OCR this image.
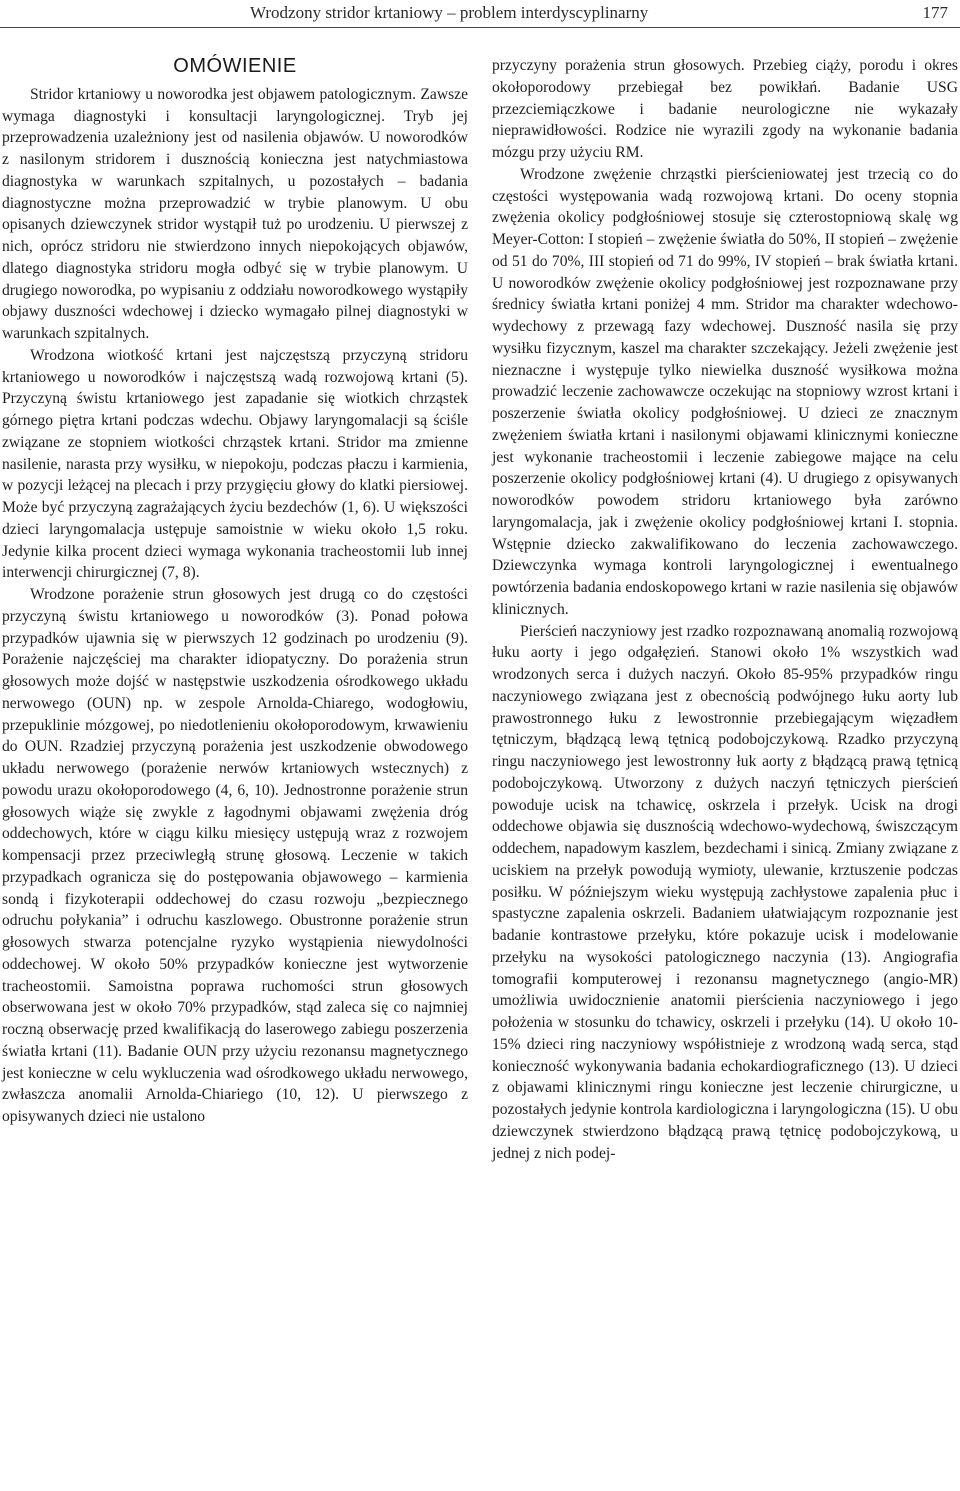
Wrodzony stridor krtaniowy – problem interdyscyplinarny	177
OMÓWIENIE

Stridor krtaniowy u noworodka jest objawem patologicznym. Zawsze wymaga diagnostyki i konsultacji laryngologicznej. Tryb jej przeprowadzenia uzależniony jest od nasilenia objawów. U noworodków z nasilonym stridorem i dusznością konieczna jest natychmiastowa diagnostyka w warunkach szpitalnych, u pozostałych – badania diagnostyczne można przeprowadzić w trybie planowym. U obu opisanych dziewczynek stridor wystąpił tuż po urodzeniu. U pierwszej z nich, oprócz stridoru nie stwierdzono innych niepokojących objawów, dlatego diagnostyka stridoru mogła odbyć się w trybie planowym. U drugiego noworodka, po wypisaniu z oddziału noworodkowego wystąpiły objawy duszności wdechowej i dziecko wymagało pilnej diagnostyki w warunkach szpitalnych.

Wrodzona wiotkość krtani jest najczęstszą przyczyną stridoru krtaniowego u noworodków i najczęstszą wadą rozwojową krtani (5). Przyczyną świstu krtaniowego jest zapadanie się wiotkich chrząstek górnego piętra krtani podczas wdechu. Objawy laryngomalacji są ściśle związane ze stopniem wiotkości chrząstek krtani. Stridor ma zmienne nasilenie, narasta przy wysiłku, w niepokoju, podczas płaczu i karmienia, w pozycji leżącej na plecach i przy przygięciu głowy do klatki piersiowej. Może być przyczyną zagrażających życiu bezdechów (1, 6). U większości dzieci laryngomalacja ustępuje samoistnie w wieku około 1,5 roku. Jedynie kilka procent dzieci wymaga wykonania tracheostomii lub innej interwencji chirurgicznej (7, 8).

Wrodzone porażenie strun głosowych jest drugą co do częstości przyczyną świstu krtaniowego u noworodków (3). Ponad połowa przypadków ujawnia się w pierwszych 12 godzinach po urodzeniu (9). Porażenie najczęściej ma charakter idiopatyczny. Do porażenia strun głosowych może dojść w następstwie uszkodzenia ośrodkowego układu nerwowego (OUN) np. w zespole Arnolda-Chiarego, wodogłowiu, przepuklinie mózgowej, po niedotlenieniu okołoporodowym, krwawieniu do OUN. Rzadziej przyczyną porażenia jest uszkodzenie obwodowego układu nerwowego (porażenie nerwów krtaniowych wstecznych) z powodu urazu okołoporodowego (4, 6, 10). Jednostronne porażenie strun głosowych wiąże się zwykle z łagodnymi objawami zwężenia dróg oddechowych, które w ciągu kilku miesięcy ustępują wraz z rozwojem kompensacji przez przeciwległą strunę głosową. Leczenie w takich przypadkach ogranicza się do postępowania objawowego – karmienia sondą i fizykoterapii oddechowej do czasu rozwoju „bezpiecznego odruchu połykania” i odruchu kaszlowego. Obustronne porażenie strun głosowych stwarza potencjalne ryzyko wystąpienia niewydolności oddechowej. W około 50% przypadków konieczne jest wytworzenie tracheostomii. Samoistna poprawa ruchomości strun głosowych obserwowana jest w około 70% przypadków, stąd zaleca się co najmniej roczną obserwację przed kwalifikacją do laserowego zabiegu poszerzenia światła krtani (11). Badanie OUN przy użyciu rezonansu magnetycznego jest konieczne w celu wykluczenia wad ośrodkowego układu nerwowego, zwłaszcza anomalii Arnolda-Chiariego (10, 12). U pierwszego z opisywanych dzieci nie ustalono

przyczyny porażenia strun głosowych. Przebieg ciąży, porodu i okres okołoporodowy przebiegał bez powikłań. Badanie USG przezciemiączkowe i badanie neurologiczne nie wykazały nieprawidłowości. Rodzice nie wyrazili zgody na wykonanie badania mózgu przy użyciu RM.

Wrodzone zwężenie chrząstki pierścieniowatej jest trzecią co do częstości występowania wadą rozwojową krtani. Do oceny stopnia zwężenia okolicy podgłośniowej stosuje się czterostopniową skalę wg Meyer-Cotton: I stopień – zwężenie światła do 50%, II stopień – zwężenie od 51 do 70%, III stopień od 71 do 99%, IV stopień – brak światła krtani. U noworodków zwężenie okolicy podgłośniowej jest rozpoznawane przy średnicy światła krtani poniżej 4 mm. Stridor ma charakter wdechowo-wydechowy z przewagą fazy wdechowej. Duszność nasila się przy wysiłku fizycznym, kaszel ma charakter szczekający. Jeżeli zwężenie jest nieznaczne i występuje tylko niewielka duszność wysiłkowa można prowadzić leczenie zachowawcze oczekując na stopniowy wzrost krtani i poszerzenie światła okolicy podgłośniowej. U dzieci ze znacznym zwężeniem światła krtani i nasilonymi objawami klinicznymi konieczne jest wykonanie tracheostomii i leczenie zabiegowe mające na celu poszerzenie okolicy podgłośniowej krtani (4). U drugiego z opisywanych noworodków powodem stridoru krtaniowego była zarówno laryngomalacja, jak i zwężenie okolicy podgłośniowej krtani I. stopnia. Wstępnie dziecko zakwalifikowano do leczenia zachowawczego. Dziewczynka wymaga kontroli laryngologicznej i ewentualnego powtórzenia badania endoskopowego krtani w razie nasilenia się objawów klinicznych.

Pierścień naczyniowy jest rzadko rozpoznawaną anomalią rozwojową łuku aorty i jego odgałęzień. Stanowi około 1% wszystkich wad wrodzonych serca i dużych naczyń. Około 85-95% przypadków ringu naczyniowego związana jest z obecnością podwójnego łuku aorty lub prawostronnego łuku z lewostronnie przebiegającym więzadłem tętniczym, błądzącą lewą tętnicą podobojczykową. Rzadko przyczyną ringu naczyniowego jest lewostronny łuk aorty z błądzącą prawą tętnicą podobojczykową. Utworzony z dużych naczyń tętniczych pierścień powoduje ucisk na tchawicę, oskrzela i przełyk. Ucisk na drogi oddechowe objawia się dusznością wdechowo-wydechową, świszczącym oddechem, napadowym kaszlem, bezdechami i sinicą. Zmiany związane z uciskiem na przełyk powodują wymioty, ulewanie, krztuszenie podczas posiłku. W późniejszym wieku występują zachłystowe zapalenia płuc i spastyczne zapalenia oskrzeli. Badaniem ułatwiającym rozpoznanie jest badanie kontrastowe przełyku, które pokazuje ucisk i modelowanie przełyku na wysokości patologicznego naczynia (13). Angiografia tomografii komputerowej i rezonansu magnetycznego (angio-MR) umożliwia uwidocznienie anatomii pierścienia naczyniowego i jego położenia w stosunku do tchawicy, oskrzeli i przełyku (14). U około 10-15% dzieci ring naczyniowy współistnieje z wrodzoną wadą serca, stąd konieczność wykonywania badania echokardiograficznego (13). U dzieci z objawami klinicznymi ringu konieczne jest leczenie chirurgiczne, u pozostałych jedynie kontrola kardiologiczna i laryngologiczna (15). U obu dziewczynek stwierdzono błądzącą prawą tętnicę podobojczykową, u jednej z nich podej-
